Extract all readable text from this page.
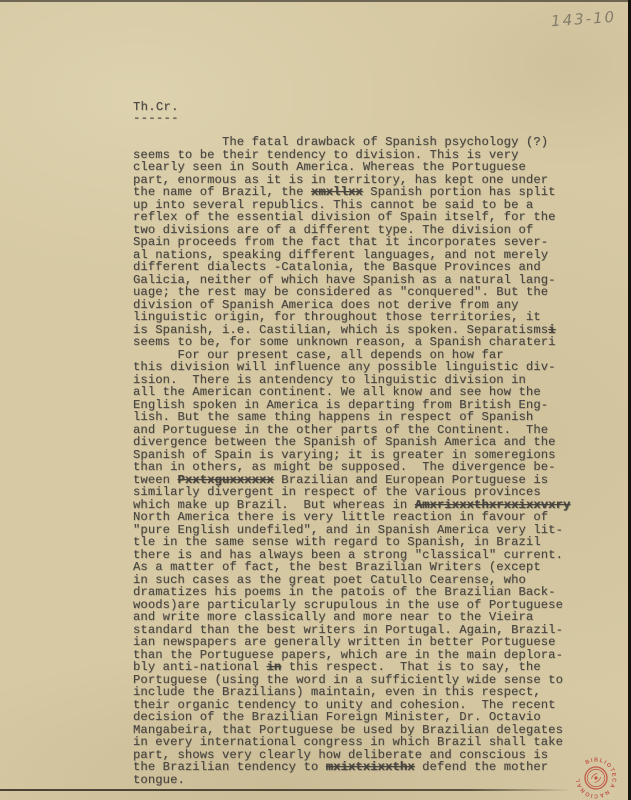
143-10
Th.Cr.
------
The fatal drawback of Spanish psychology (?)
seems to be their tendency to division. This is very
clearly seen in South America. Whereas the Portuguese
part, enormous as it is in territory, has kept one under
the name of Brazil, the xmxllxx Spanish portion has split
up into several republics. This cannot be said to be a
reflex of the essential division of Spain itself, for the
two divisions are of a different type. The division of
Spain proceeds from the fact that it incorporates sever-
al nations, speaking different languages, and not merely
different dialects -Catalonia, the Basque Provinces and
Galicia, neither of which have Spanish as a natural lang-
uage; the rest may be considered as "conquered". But the
division of Spanish America does not derive from any
linguistic origin, for throughout those territories, it
is Spanish, i.e. Castilian, which is spoken. Separatismsi
seems to be, for some unknown reason, a Spanish charateri
For our present case, all depends on how far
this division will influence any possible linguistic div-
ision.  There is antendency to linguistic division in
all the American continent. We all know and see how the
English spoken in America is departing from British Eng-
lish. But the same thing happens in respect of Spanish
and Portuguese in the other parts of the Continent.  The
divergence between the Spanish of Spanish America and the
Spanish of Spain is varying; it is greater in someregions
than in others, as might be supposed.  The divergence be-
tween Pxxtxguxxxxxx Brazilian and European Portuguese is
similarly divergent in respect of the various provinces
which make up Brazil.  But whereas in Amxrixxxthxrxxixxvxry
North America there is very little reaction in favour of
"pure English undefiled", and in Spanish America very lit-
tle in the same sense with regard to Spanish, in Brazil
there is and has always been a strong "classical" current.
As a matter of fact, the best Brazilian Writers (except
in such cases as the great poet Catullo Cearense, who
dramatizes his poems in the patois of the Brazilian Back-
woods)are particularly scrupulous in the use of Portuguese
and write more classically and more near to the Vieira
standard than the best writers in Portugal. Again, Brazil-
ian newspapers are generally written in better Portuguese
than the Portuguese papers, which are in the main deplora-
bly anti-national in this respect.  That is to say, the
Portuguese (using the word in a sufficiently wide sense to
include the Brazilians) maintain, even in this respect,
their organic tendency to unity and cohesion.  The recent
decision of the Brazilian Foreign Minister, Dr. Octavio
Mangabeira, that Portuguese be used by Brazilian delegates
in every international congress in which Brazil shall take
part, shows very clearly how deliberate and conscious is
the Brazilian tendency to mxixtxixxthx defend the mother
tongue.
BIBLIOTECA NACIONAL
